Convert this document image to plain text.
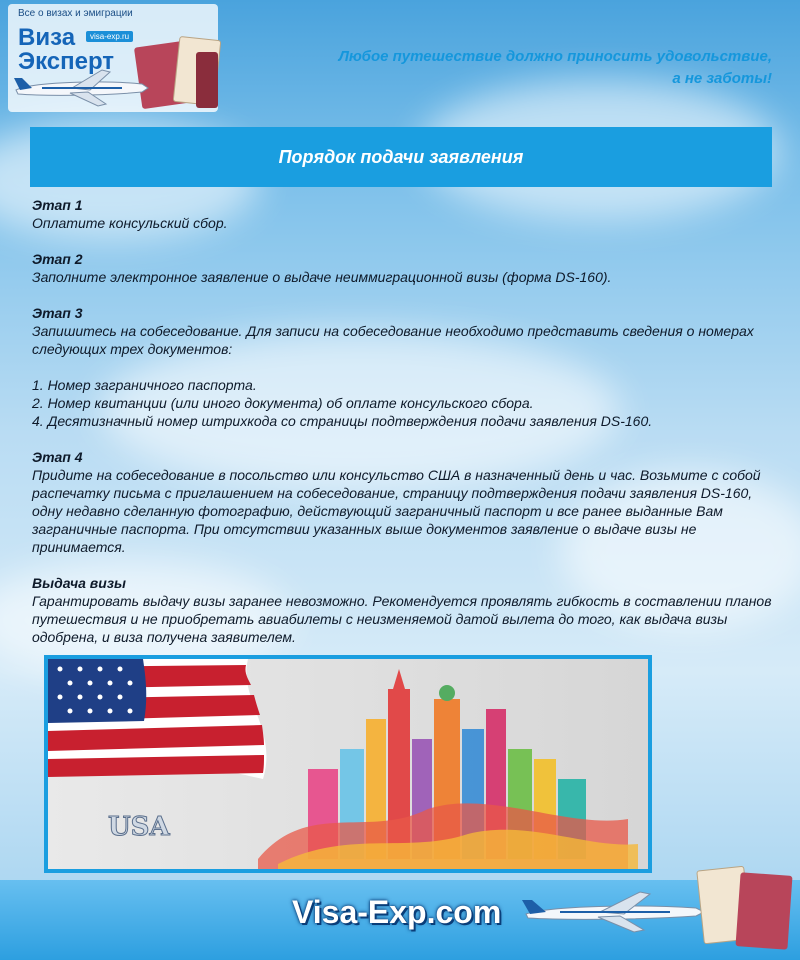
Все о визах и эмиграции
Виза
Эксперт
visa-exp.ru
Любое путешествие должно приносить удовольствие,
а не заботы!
Порядок подачи заявления
Этап 1
Оплатите консульский сбор.
Этап 2
Заполните электронное заявление о выдаче неиммиграционной визы (форма DS-160).
Этап 3
Запишитесь на собеседование. Для записи на собеседование необходимо представить сведения о номерах следующих трех документов:
1. Номер заграничного паспорта.
2. Номер квитанции (или иного документа) об оплате консульского сбора.
4. Десятизначный номер штрихкода со страницы подтверждения подачи заявления DS-160.
Этап 4
Придите на собеседование в посольство или консульство США в назначенный день и час. Возьмите с собой распечатку письма с приглашением на собеседование, страницу подтверждения подачи заявления DS-160, одну недавно сделанную фотографию, действующий заграничный паспорт и все ранее выданные Вам заграничные паспорта. При отсутствии указанных выше документов заявление о выдаче визы не принимается.
Выдача визы
Гарантировать выдачу визы заранее невозможно. Рекомендуется проявлять гибкость в составлении планов путешествия и не приобретать авиабилеты с неизменяемой датой вылета до того, как выдача визы одобрена, и виза получена заявителем.
USA
Visa-Exp.com
